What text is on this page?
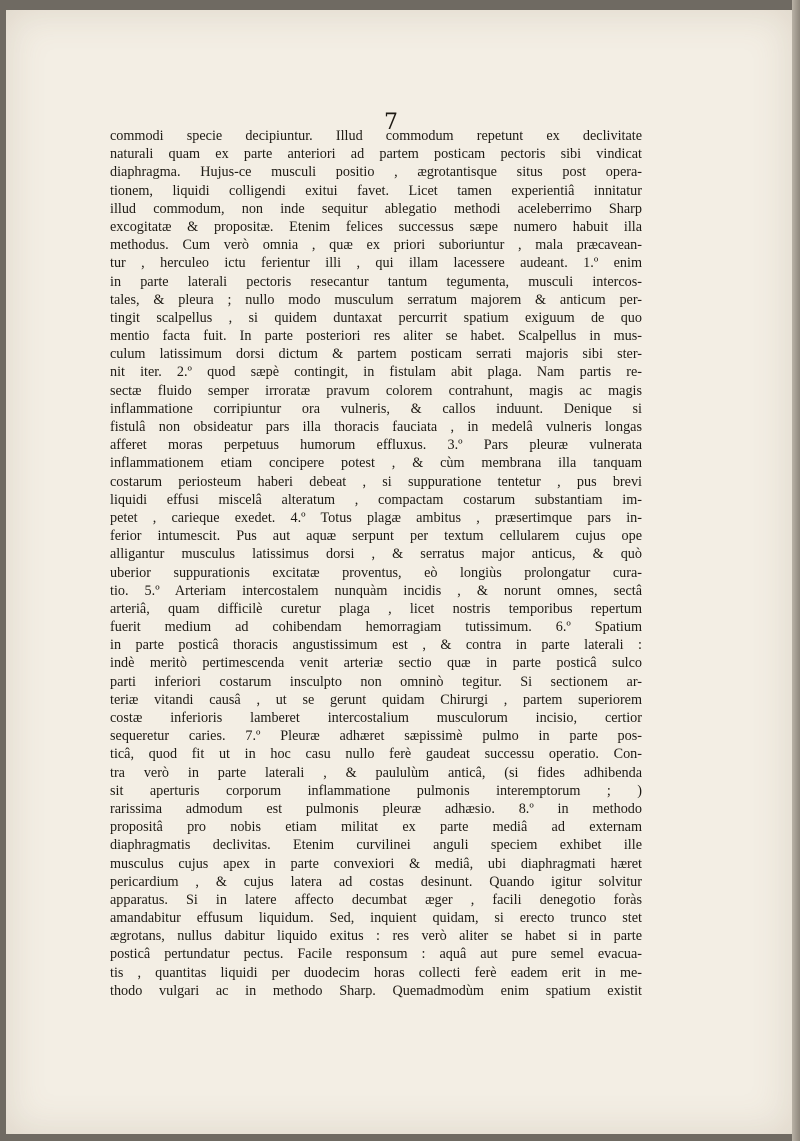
7
commodi specie decipiuntur. Illud commodum repetunt ex declivitate
naturali quam ex parte anteriori ad partem posticam pectoris sibi vindicat
diaphragma. Hujus-ce musculi positio , ægrotantisque situs post opera-
tionem, liquidi colligendi exitui favet. Licet tamen experientiâ innitatur
illud commodum, non inde sequitur ablegatio methodi aceleberrimo Sharp
excogitatæ & propositæ. Etenim felices successus sæpe numero habuit illa
methodus. Cum verò omnia , quæ ex priori suboriuntur , mala præcavean-
tur , herculeo ictu ferientur illi , qui illam lacessere audeant. 1.º enim
in parte laterali pectoris resecantur tantum tegumenta, musculi intercos-
tales, & pleura ; nullo modo musculum serratum majorem & anticum per-
tingit scalpellus , si quidem duntaxat percurrit spatium exiguum de quo
mentio facta fuit. In parte posteriori res aliter se habet. Scalpellus in mus-
culum latissimum dorsi dictum & partem posticam serrati majoris sibi ster-
nit iter. 2.º quod sæpè contingit, in fistulam abit plaga. Nam partis re-
sectæ fluido semper irroratæ pravum colorem contrahunt, magis ac magis
inflammatione corripiuntur ora vulneris, & callos induunt. Denique si
fistulâ non obsideatur pars illa thoracis fauciata , in medelâ vulneris longas
afferet moras perpetuus humorum effluxus. 3.º Pars pleuræ vulnerata
inflammationem etiam concipere potest , & cùm membrana illa tanquam
costarum periosteum haberi debeat , si suppuratione tentetur , pus brevi
liquidi effusi miscelâ alteratum , compactam costarum substantiam im-
petet , carieque exedet. 4.º Totus plagæ ambitus , præsertimque pars in-
ferior intumescit. Pus aut aquæ serpunt per textum cellularem cujus ope
alligantur musculus latissimus dorsi , & serratus major anticus, & quò
uberior suppurationis excitatæ proventus, eò longiùs prolongatur cura-
tio. 5.º Arteriam intercostalem nunquàm incidis , & norunt omnes, sectâ
arteriâ, quam difficilè curetur plaga , licet nostris temporibus repertum
fuerit medium ad cohibendam hemorragiam tutissimum. 6.º Spatium
in parte posticâ thoracis angustissimum est , & contra in parte laterali :
indè meritò pertimescenda venit arteriæ sectio quæ in parte posticâ sulco
parti inferiori costarum insculpto non omninò tegitur. Si sectionem ar-
teriæ vitandi causâ , ut se gerunt quidam Chirurgi , partem superiorem
costæ inferioris lamberet intercostalium musculorum incisio, certior
sequeretur caries. 7.º Pleuræ adhæret sæpissimè pulmo in parte pos-
ticâ, quod fit ut in hoc casu nullo ferè gaudeat successu operatio. Con-
tra verò in parte laterali , & paululùm anticâ, (si fides adhibenda
sit aperturis corporum inflammatione pulmonis interemptorum ; )
rarissima admodum est pulmonis pleuræ adhæsio. 8.º in methodo
propositâ pro nobis etiam militat ex parte mediâ ad externam
diaphragmatis declivitas. Etenim curvilinei anguli speciem exhibet ille
musculus cujus apex in parte convexiori & mediâ, ubi diaphragmati hæret
pericardium , & cujus latera ad costas desinunt. Quando igitur solvitur
apparatus. Si in latere affecto decumbat æger , facili denegotio foràs
amandabitur effusum liquidum. Sed, inquient quidam, si erecto trunco stet
ægrotans, nullus dabitur liquido exitus : res verò aliter se habet si in parte
posticâ pertundatur pectus. Facile responsum : aquâ aut pure semel evacua-
tis , quantitas liquidi per duodecim horas collecti ferè eadem erit in me-
thodo vulgari ac in methodo Sharp. Quemadmodùm enim spatium existit
